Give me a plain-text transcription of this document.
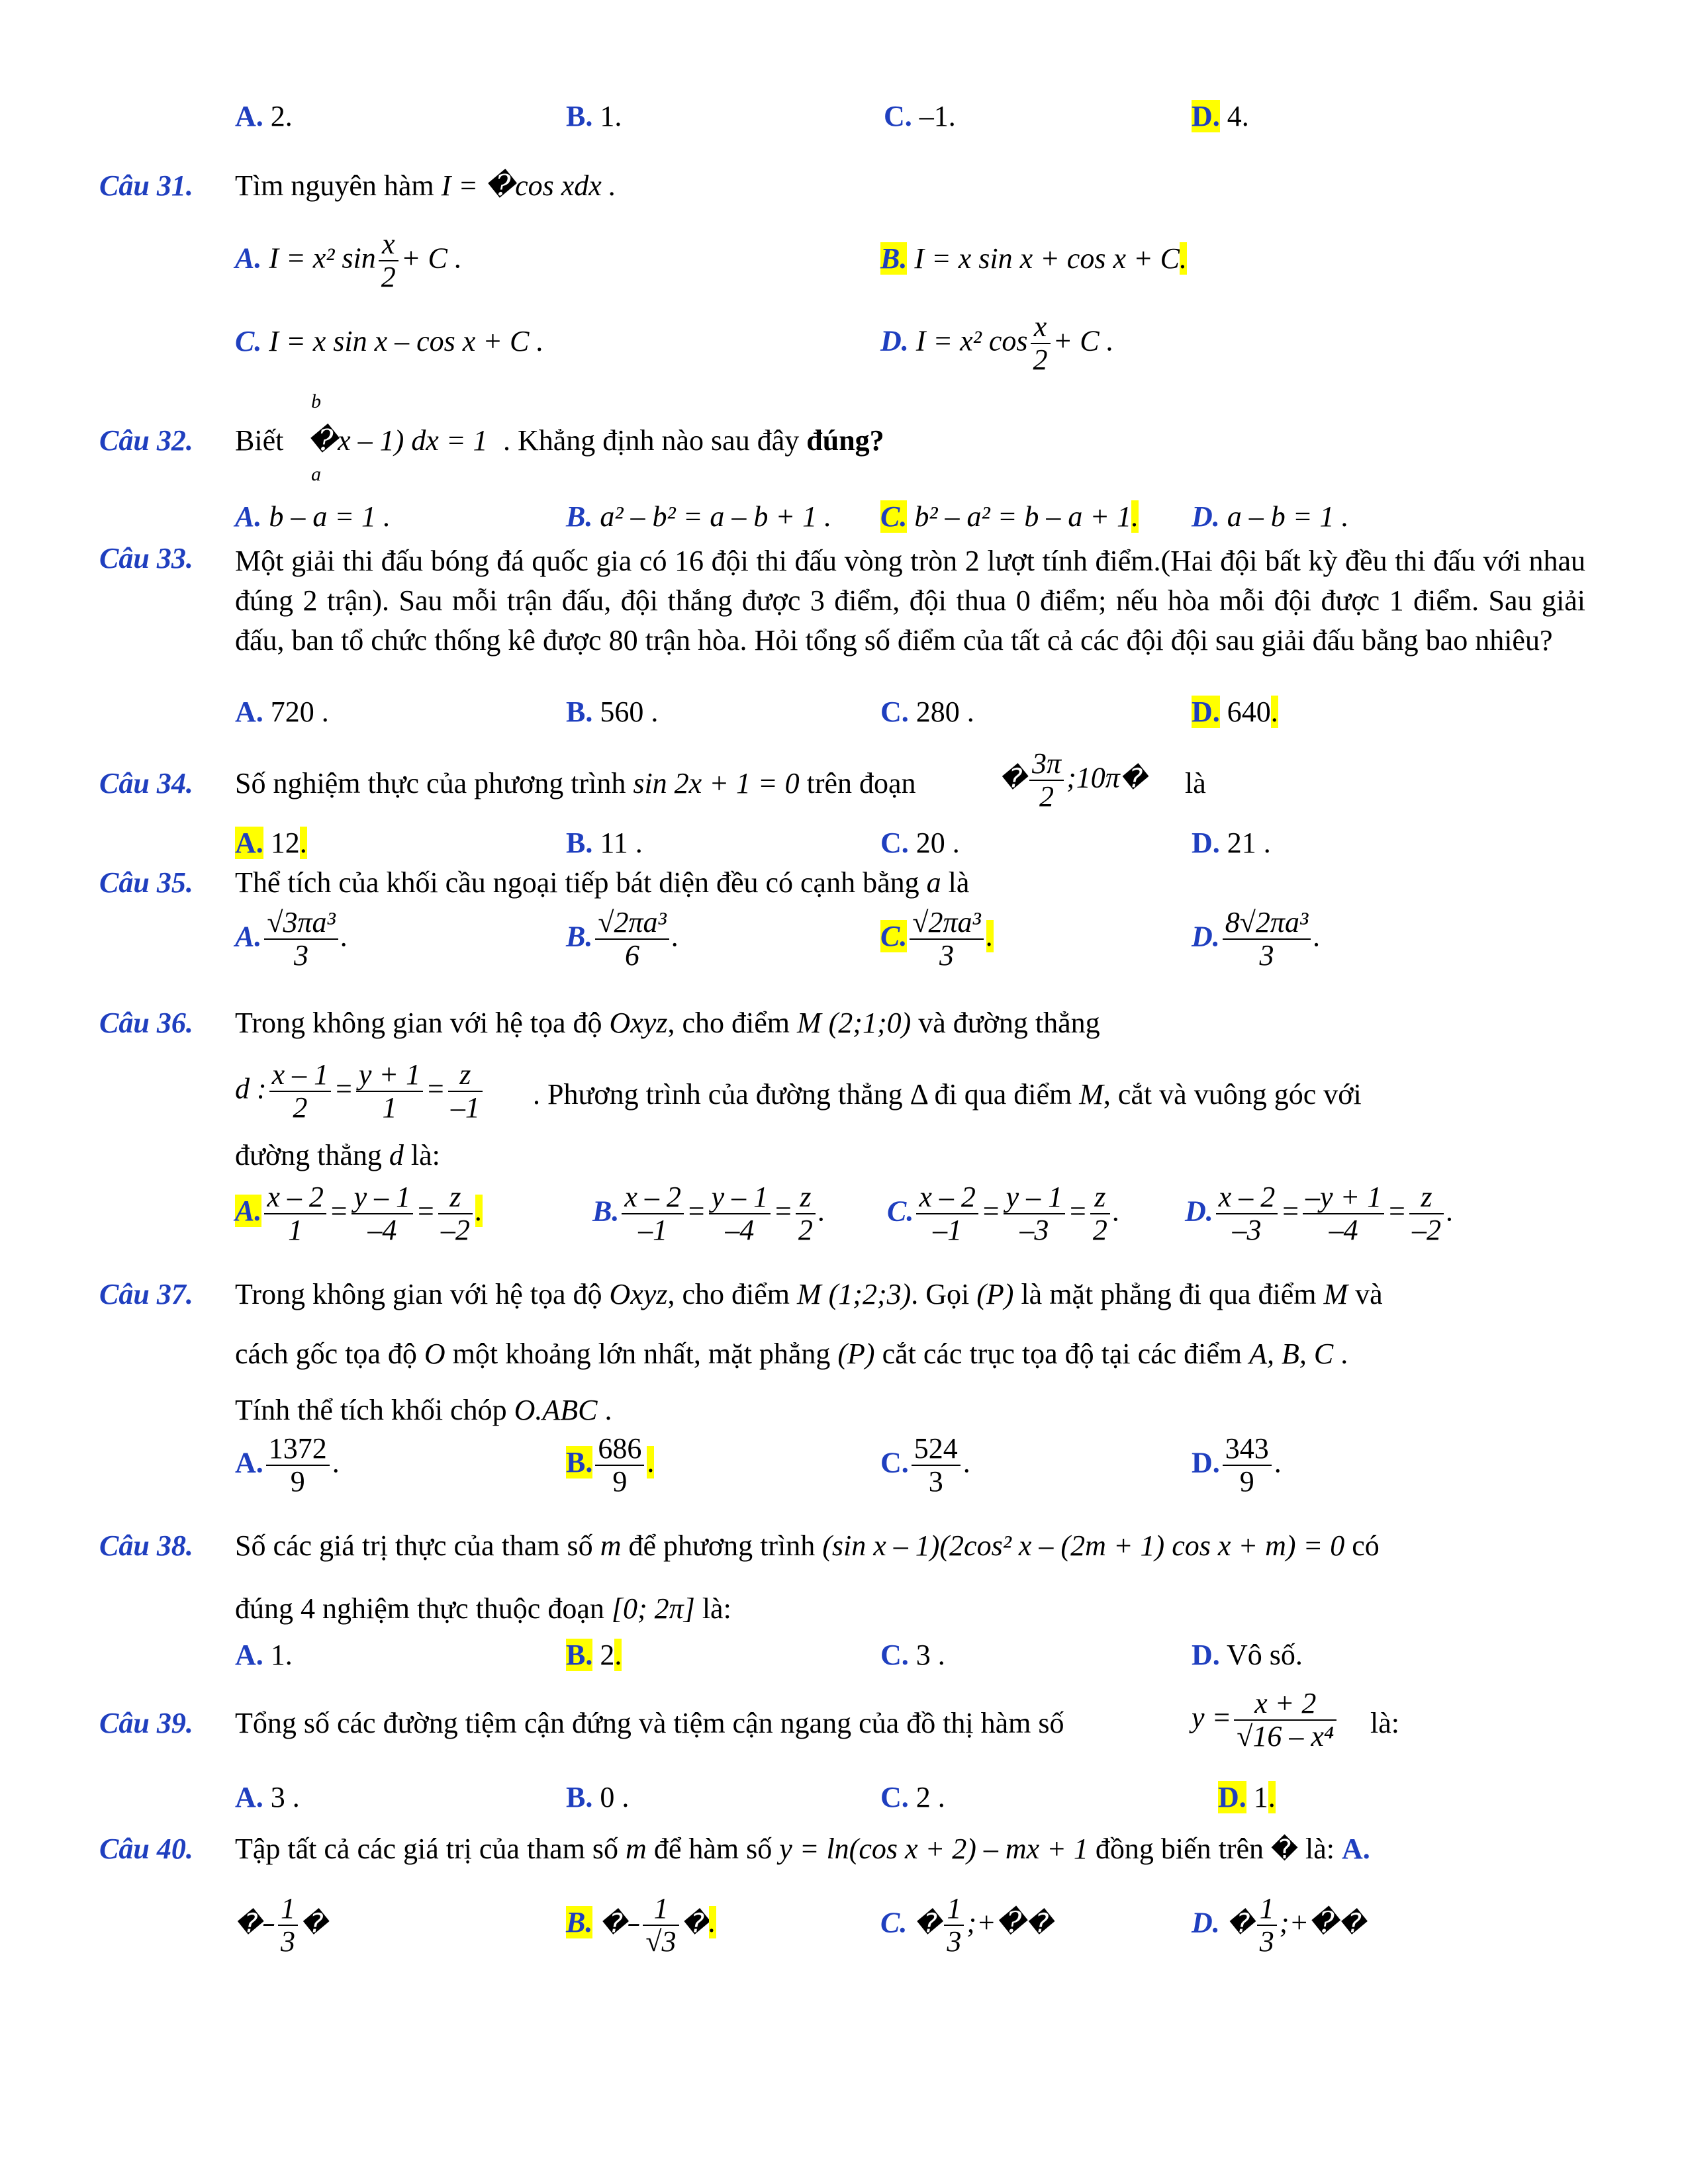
A. 2.	B. 1.	C. –1.	D. 4.
Câu 31. Tìm nguyên hàm I = �cos xdx .
A. I = x² $\sin \frac{x}{2} + C$ .	B. I = x sin x + cos x + C.
C. I = x sin x – cos x + C .	D. I = x² $\cos \frac{x}{2} + C$ .
Câu 32. Biết
b
a
�x – 1) dx = 1 . Khẳng định nào sau đây đúng?
A. b – a = 1 .	B. a² – b² = a – b + 1 . C. b² – a² = b – a + 1. D. a – b = 1 .
Câu 33. Một giải thi đấu bóng đá quốc gia có 16 đội thi đấu vòng tròn 2 lượt tính điểm.(Hai đội bất kỳ đều thi đấu với nhau đúng 2 trận). Sau mỗi trận đấu, đội thắng được 3 điểm, đội thua 0 điểm; nếu hòa mỗi đội được 1 điểm. Sau giải đấu, ban tổ chức thống kê được 80 trận hòa. Hỏi tổng số điểm của tất cả các đội đội sau giải đấu bằng bao nhiêu?
A. 720 .	B. 560 .	C. 280 .	D. 640.
Câu 34. Số nghiệm thực của phương trình sin 2x + 1 = 0 trên đoạn	� $\frac{3\pi}{2}$ ;10π� là
A. 12.	B. 11 .	C. 20 .	D. 21 .
Câu 35. Thể tích của khối cầu ngoại tiếp bát diện đều có cạnh bằng a là
A. $\frac{\text{√3πa³}}{3}$ .	B. $\frac{\text{√2πa³}}{6}$ .	C. $\frac{\text{√2πa³}}{3}$ .	D. $\frac{\text{8√2πa³}}{3}$ .
Câu 36. Trong không gian với hệ tọa độ Oxyz, cho điểm M (2;1;0) và đường thẳng
d : $\frac{x - 1}{2} = \frac{y + 1}{1} = \frac{z}{-1}$ . Phương trình của đường thẳng Δ đi qua điểm M, cắt và vuông góc với
đường thẳng d là:
A. $\frac{x - 2}{1} = \frac{y - 1}{-4} = \frac{z}{-2}$ .	B. $\frac{x - 2}{-1} = \frac{y - 1}{-4} = \frac{z}{2}$ . C. $\frac{x - 2}{-1} = \frac{y - 1}{-3} = \frac{z}{2}$ . D. $\frac{x - 2}{-3} = \frac{-y + 1}{-4} = \frac{z}{-2}$ .
Câu 37. Trong không gian với hệ tọa độ Oxyz, cho điểm M (1;2;3). Gọi (P) là mặt phẳng đi qua điểm M và
cách gốc tọa độ O một khoảng lớn nhất, mặt phẳng (P) cắt các trục tọa độ tại các điểm A, B, C .
Tính thể tích khối chóp O.ABC .
A. $\frac{1372}{9}$ .	B. $\frac{686}{9}$ .	C. $\frac{524}{3}$ .	D. $\frac{343}{9}$ .
Câu 38. Số các giá trị thực của tham số m để phương trình (sin x – 1)(2cos² x – (2m + 1) cos x + m) = 0 có
đúng 4 nghiệm thực thuộc đoạn [0; 2π] là:
A. 1.	B. 2.	C. 3 .	D. Vô số.
Câu 39. Tổng số các đường tiệm cận đứng và tiệm cận ngang của đồ thị hàm số	$y = \frac{x + 2}{\text{√16 – x⁴}}$ là:
A. 3 .	B. 0 .	C. 2 .	D. 1.
Câu 40. Tập tất cả các giá trị của tham số m để hàm số y = ln(cos x + 2) – mx + 1 đồng biến trên � là: A.
�– $\frac{1}{3}$ �	B. �– $\frac{1}{√3}$ �.	C. � $\frac{1}{3}$ ;+��	D. � $\frac{1}{3}$ ;+��
